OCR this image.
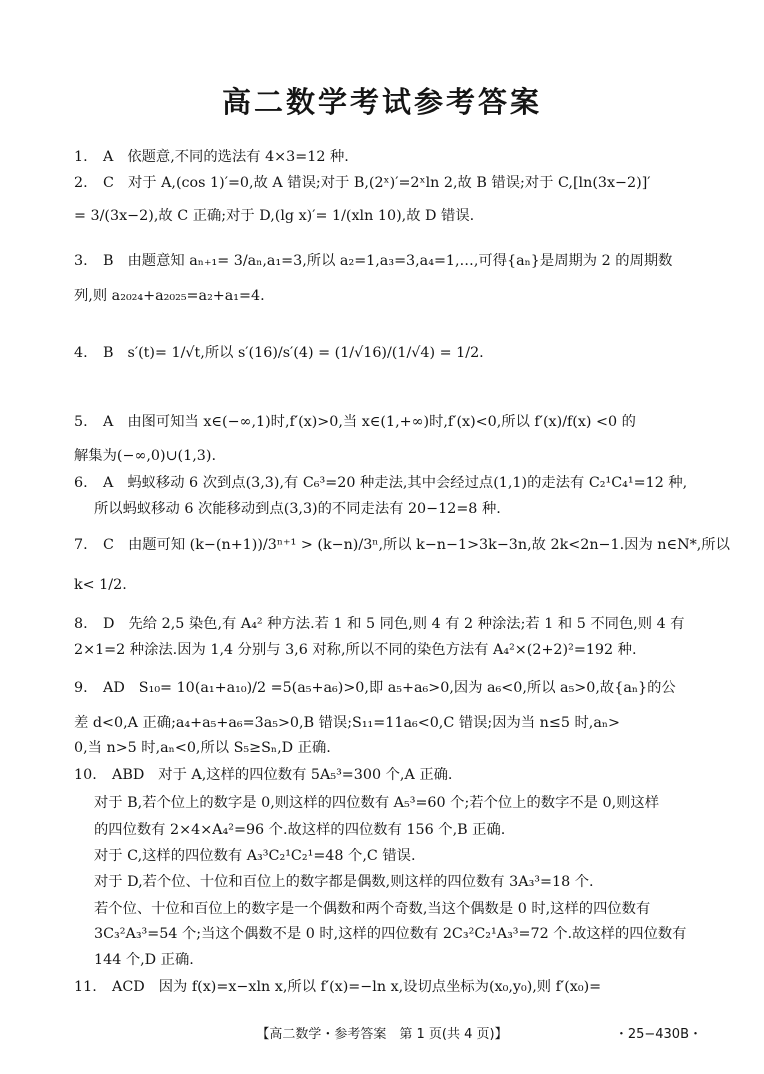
高二数学考试参考答案
1. A 依题意,不同的选法有 4×3=12 种.
2. C 对于 A,(cos 1)′=0,故 A 错误;对于 B,(2ˣ)′=2ˣln 2,故 B 错误;对于 C,[ln(3x−2)]′
= 3/(3x−2),故 C 正确;对于 D,(lg x)′= 1/(xln 10),故 D 错误.
3. B 由题意知 aₙ₊₁= 3/aₙ,a₁=3,所以 a₂=1,a₃=3,a₄=1,…,可得{aₙ}是周期为 2 的周期数
列,则 a₂₀₂₄+a₂₀₂₅=a₂+a₁=4.
4. B s′(t)= 1/√t,所以 s′(16)/s′(4) = (1/√16)/(1/√4) = 1/2.
5. A 由图可知当 x∈(−∞,1)时,f′(x)>0,当 x∈(1,+∞)时,f′(x)<0,所以 f′(x)/f(x) <0 的
解集为(−∞,0)∪(1,3).
6. A 蚂蚁移动 6 次到点(3,3),有 C₆³=20 种走法,其中会经过点(1,1)的走法有 C₂¹C₄¹=12 种,
所以蚂蚁移动 6 次能移动到点(3,3)的不同走法有 20−12=8 种.
7. C 由题可知 (k−(n+1))/3ⁿ⁺¹ > (k−n)/3ⁿ,所以 k−n−1>3k−3n,故 2k<2n−1.因为 n∈N*,所以
k< 1/2.
8. D 先给 2,5 染色,有 A₄² 种方法.若 1 和 5 同色,则 4 有 2 种涂法;若 1 和 5 不同色,则 4 有
2×1=2 种涂法.因为 1,4 分别与 3,6 对称,所以不同的染色方法有 A₄²×(2+2)²=192 种.
9. AD S₁₀= 10(a₁+a₁₀)/2 =5(a₅+a₆)>0,即 a₅+a₆>0,因为 a₆<0,所以 a₅>0,故{aₙ}的公
差 d<0,A 正确;a₄+a₅+a₆=3a₅>0,B 错误;S₁₁=11a₆<0,C 错误;因为当 n≤5 时,aₙ>
0,当 n>5 时,aₙ<0,所以 S₅≥Sₙ,D 正确.
10. ABD 对于 A,这样的四位数有 5A₅³=300 个,A 正确.
对于 B,若个位上的数字是 0,则这样的四位数有 A₅³=60 个;若个位上的数字不是 0,则这样
的四位数有 2×4×A₄²=96 个.故这样的四位数有 156 个,B 正确.
对于 C,这样的四位数有 A₃³C₂¹C₂¹=48 个,C 错误.
对于 D,若个位、十位和百位上的数字都是偶数,则这样的四位数有 3A₃³=18 个.
若个位、十位和百位上的数字是一个偶数和两个奇数,当这个偶数是 0 时,这样的四位数有
3C₃²A₃³=54 个;当这个偶数不是 0 时,这样的四位数有 2C₃²C₂¹A₃³=72 个.故这样的四位数有
144 个,D 正确.
11. ACD 因为 f(x)=x−xln x,所以 f′(x)=−ln x,设切点坐标为(x₀,y₀),则 f′(x₀)=
【高二数学・参考答案　第 1 页(共 4 页)】	・25−430B・
